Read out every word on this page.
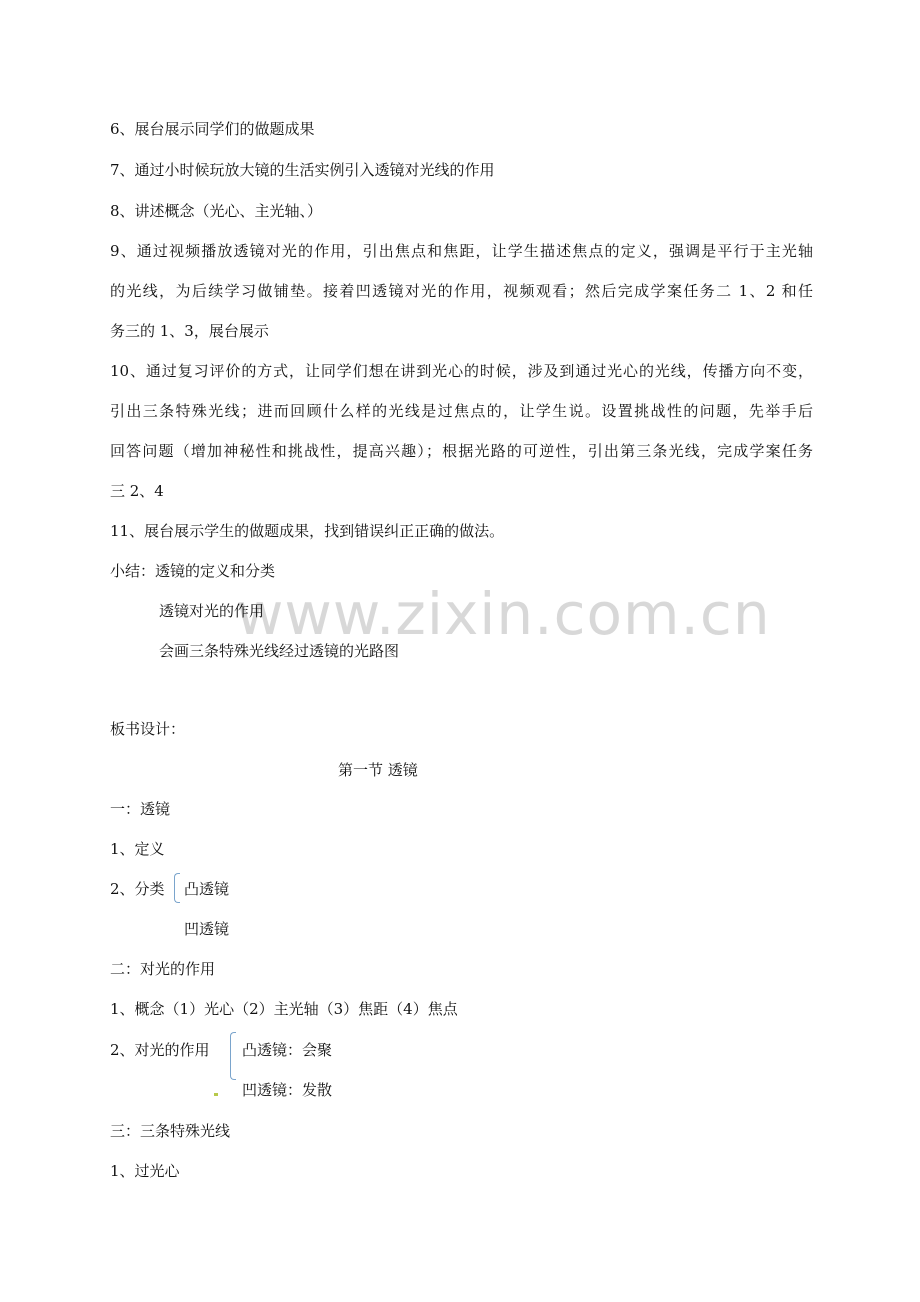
www.zixin.com.cn
6、展台展示同学们的做题成果
7、通过小时候玩放大镜的生活实例引入透镜对光线的作用
8、讲述概念（光心、主光轴、）
9、通过视频播放透镜对光的作用，引出焦点和焦距，让学生描述焦点的定义，强调是平行于主光轴
的光线，为后续学习做铺垫。接着凹透镜对光的作用，视频观看；然后完成学案任务二 1、2 和任
务三的 1、3，展台展示
10、通过复习评价的方式，让同学们想在讲到光心的时候，涉及到通过光心的光线，传播方向不变，
引出三条特殊光线；进而回顾什么样的光线是过焦点的，让学生说。设置挑战性的问题，先举手后
回答问题（增加神秘性和挑战性，提高兴趣）；根据光路的可逆性，引出第三条光线，完成学案任务
三 2、4
11、展台展示学生的做题成果，找到错误纠正正确的做法。
小结：透镜的定义和分类
透镜对光的作用
会画三条特殊光线经过透镜的光路图
板书设计：
第一节 透镜
一：透镜
1、定义
2、分类 凸透镜
凹透镜
二：对光的作用
1、概念（1）光心（2）主光轴（3）焦距（4）焦点
2、对光的作用 凸透镜：会聚
凹透镜：发散
三：三条特殊光线
1、过光心
